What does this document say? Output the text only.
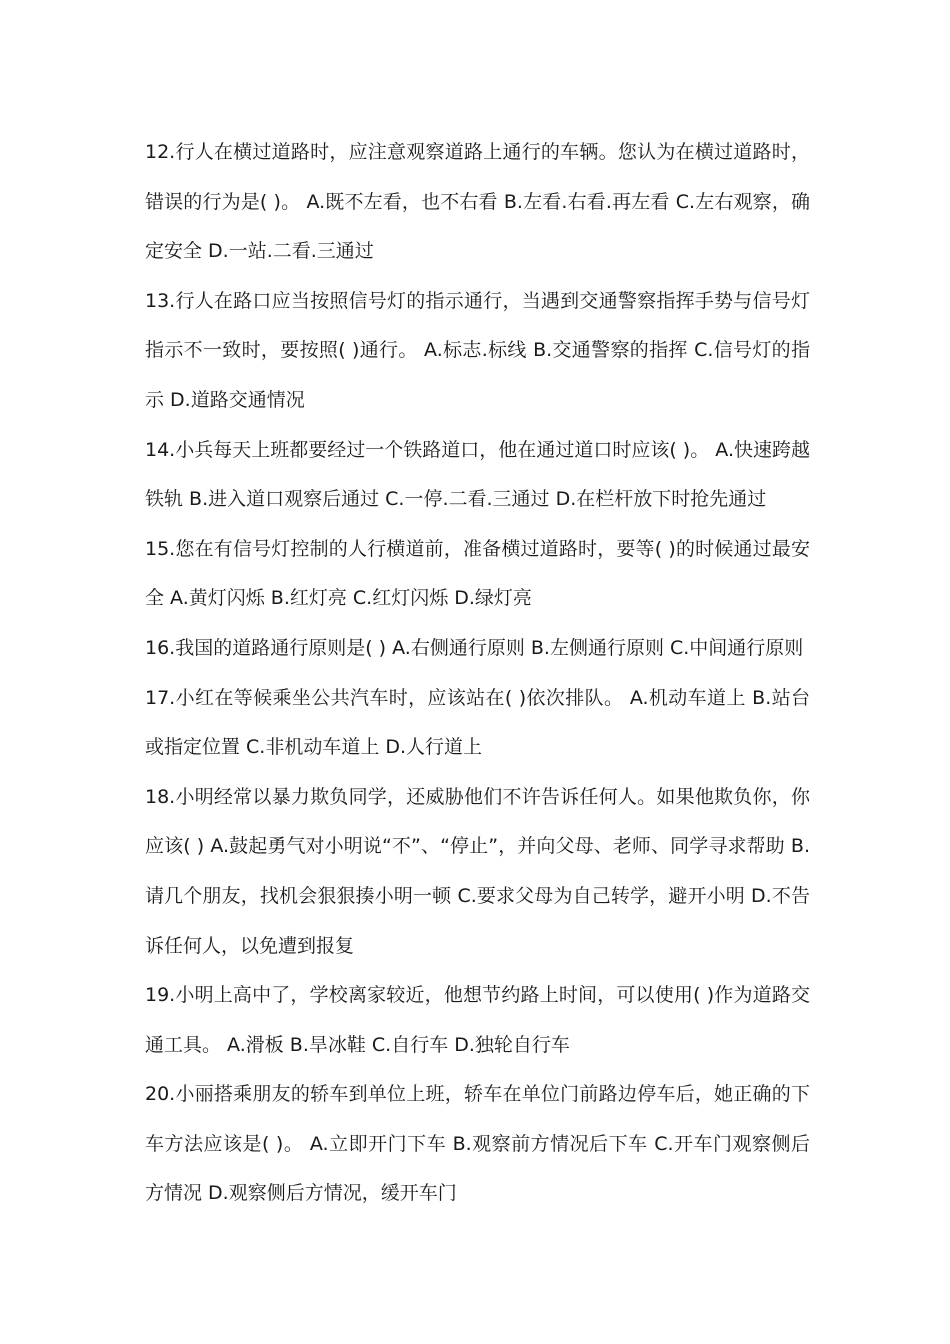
12.行人在横过道路时，应注意观察道路上通行的车辆。您认为在横过道路时，错误的行为是( )。 A.既不左看，也不右看 B.左看.右看.再左看 C.左右观察，确定安全 D.一站.二看.三通过

13.行人在路口应当按照信号灯的指示通行，当遇到交通警察指挥手势与信号灯指示不一致时，要按照( )通行。 A.标志.标线 B.交通警察的指挥 C.信号灯的指示 D.道路交通情况

14.小兵每天上班都要经过一个铁路道口，他在通过道口时应该( )。 A.快速跨越铁轨 B.进入道口观察后通过 C.一停.二看.三通过 D.在栏杆放下时抢先通过

15.您在有信号灯控制的人行横道前，准备横过道路时，要等( )的时候通过最安全 A.黄灯闪烁 B.红灯亮 C.红灯闪烁 D.绿灯亮

16.我国的道路通行原则是( ) A.右侧通行原则 B.左侧通行原则 C.中间通行原则

17.小红在等候乘坐公共汽车时，应该站在( )依次排队。 A.机动车道上 B.站台或指定位置 C.非机动车道上 D.人行道上

18.小明经常以暴力欺负同学，还威胁他们不许告诉任何人。如果他欺负你，你应该( ) A.鼓起勇气对小明说“不”、“停止”，并向父母、老师、同学寻求帮助 B.请几个朋友，找机会狠狠揍小明一顿 C.要求父母为自己转学，避开小明 D.不告诉任何人，以免遭到报复

19.小明上高中了，学校离家较近，他想节约路上时间，可以使用( )作为道路交通工具。 A.滑板 B.旱冰鞋 C.自行车 D.独轮自行车

20.小丽搭乘朋友的轿车到单位上班，轿车在单位门前路边停车后，她正确的下车方法应该是( )。 A.立即开门下车 B.观察前方情况后下车 C.开车门观察侧后方情况 D.观察侧后方情况，缓开车门
